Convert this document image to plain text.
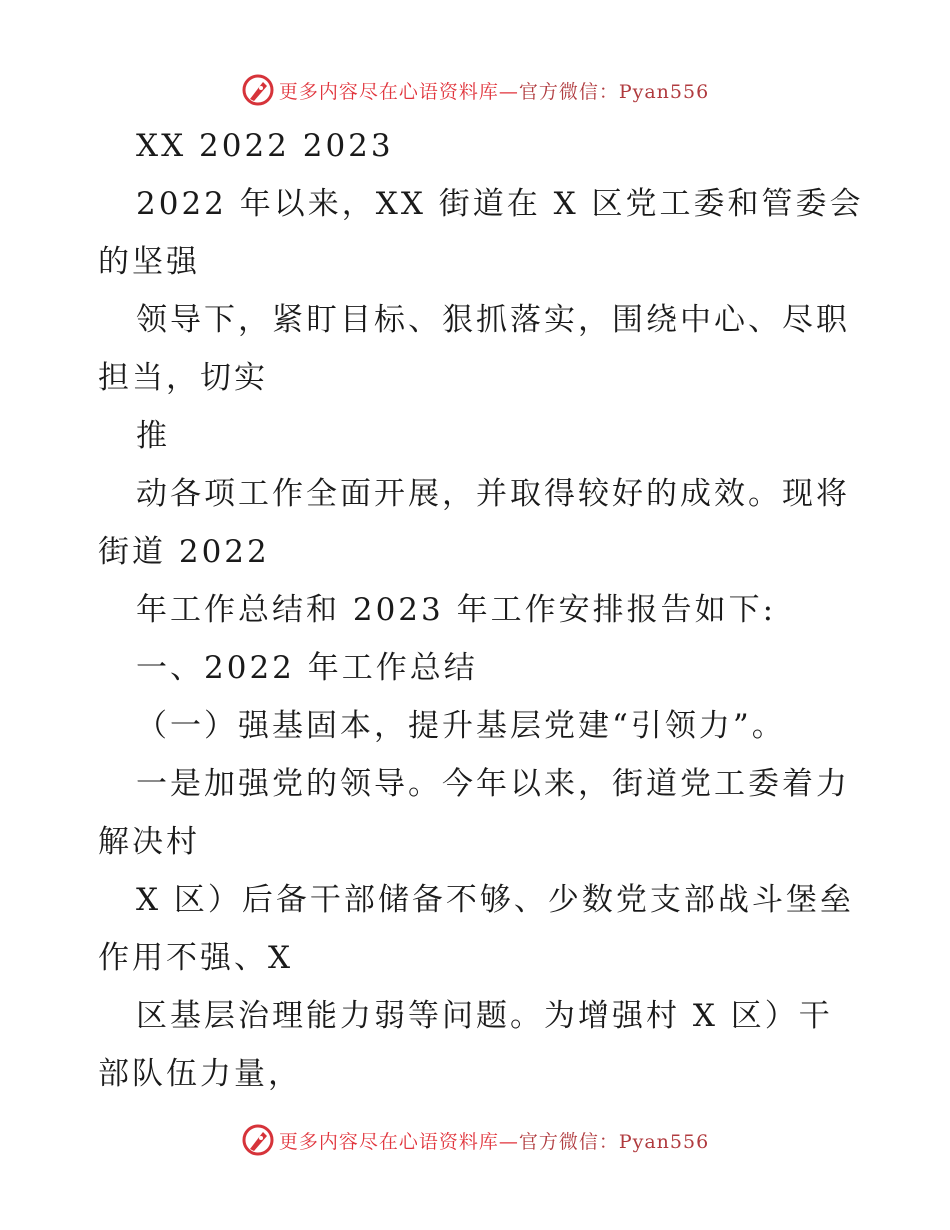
更多内容尽在心语资料库—官方微信：Pyan556
XX 2022 2023
2022 年以来，XX 街道在 X 区党工委和管委会
的坚强
领导下，紧盯目标、狠抓落实，围绕中心、尽职
担当，切实
推
动各项工作全面开展，并取得较好的成效。现将
街道 2022
年工作总结和 2023 年工作安排报告如下:
一、2022 年工作总结
（一）强基固本，提升基层党建“引领力”。
一是加强党的领导。今年以来，街道党工委着力
解决村
X 区）后备干部储备不够、少数党支部战斗堡垒
作用不强、X
区基层治理能力弱等问题。为增强村 X 区）干
部队伍力量，
更多内容尽在心语资料库—官方微信：Pyan556
